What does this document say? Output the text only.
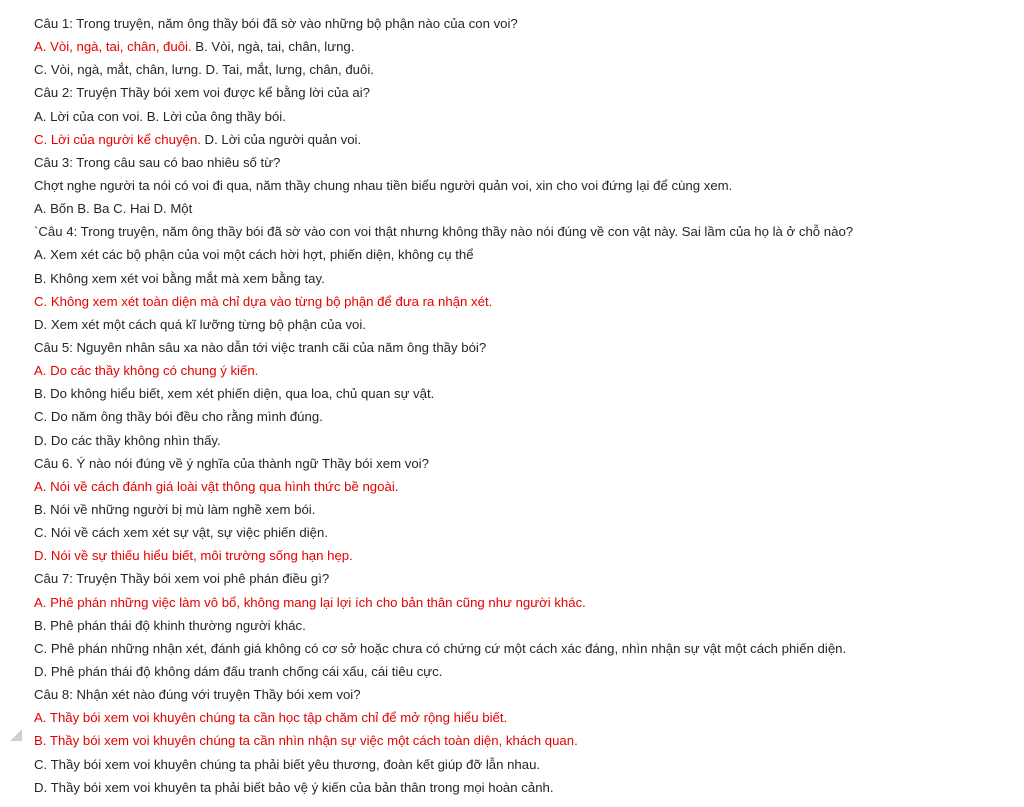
Câu 1: Trong truyện, năm ông thầy bói đã sờ vào những bộ phận nào của con voi?
A. Vòi, ngà, tai, chân, đuôi. B. Vòi, ngà, tai, chân, lưng.
C. Vòi, ngà, mắt, chân, lưng. D. Tai, mắt, lưng, chân, đuôi.
Câu 2: Truyện Thầy bói xem voi được kể bằng lời của ai?
A. Lời của con voi. B. Lời của ông thầy bói.
C. Lời của người kể chuyện. D. Lời của người quản voi.
Câu 3: Trong câu sau có bao nhiêu số từ?
Chợt nghe người ta nói có voi đi qua, năm thầy chung nhau tiền biểu người quản voi, xin cho voi đứng lại để cùng xem.
A. Bốn B. Ba C. Hai D. Một
`Câu 4: Trong truyện, năm ông thầy bói đã sờ vào con voi thật nhưng không thầy nào nói đúng về con vật này. Sai lầm của họ là ở chỗ nào?
A. Xem xét các bộ phận của voi một cách hời hợt, phiến diện, không cụ thể
B. Không xem xét voi bằng mắt mà xem bằng tay.
C. Không xem xét toàn diện mà chỉ dựa vào từng bộ phận để đưa ra nhận xét.
D. Xem xét một cách quá kĩ lưỡng từng bộ phận của voi.
Câu 5: Nguyên nhân sâu xa nào dẫn tới việc tranh cãi của năm ông thầy bói?
A. Do các thầy không có chung ý kiến.
B. Do không hiểu biết, xem xét phiến diện, qua loa, chủ quan sự vật.
C. Do năm ông thầy bói đều cho rằng mình đúng.
D. Do các thầy không nhìn thấy.
Câu 6. Ý nào nói đúng về ý nghĩa của thành ngữ Thầy bói xem voi?
A. Nói về cách đánh giá loài vật thông qua hình thức bề ngoài.
B. Nói về những người bị mù làm nghề xem bói.
C. Nói về cách xem xét sự vật, sự việc phiến diện.
D. Nói về sự thiếu hiểu biết, môi trường sống hạn hẹp.
Câu 7: Truyện Thầy bói xem voi phê phán điều gì?
A. Phê phán những việc làm vô bổ, không mang lại lợi ích cho bản thân cũng như người khác.
B. Phê phán thái độ khinh thường người khác.
C. Phê phán những nhận xét, đánh giá không có cơ sở hoặc chưa có chứng cứ một cách xác đáng, nhìn nhận sự vật một cách phiến diện.
D. Phê phán thái độ không dám đấu tranh chống cái xấu, cái tiêu cực.
Câu 8: Nhận xét nào đúng với truyện Thầy bói xem voi?
A. Thầy bói xem voi khuyên chúng ta cần học tập chăm chỉ để mở rộng hiểu biết.
B. Thầy bói xem voi khuyên chúng ta cần nhìn nhận sự việc một cách toàn diện, khách quan.
C. Thầy bói xem voi khuyên chúng ta phải biết yêu thương, đoàn kết giúp đỡ lẫn nhau.
D. Thầy bói xem voi khuyên ta phải biết bảo vệ ý kiến của bản thân trong mọi hoàn cảnh.
